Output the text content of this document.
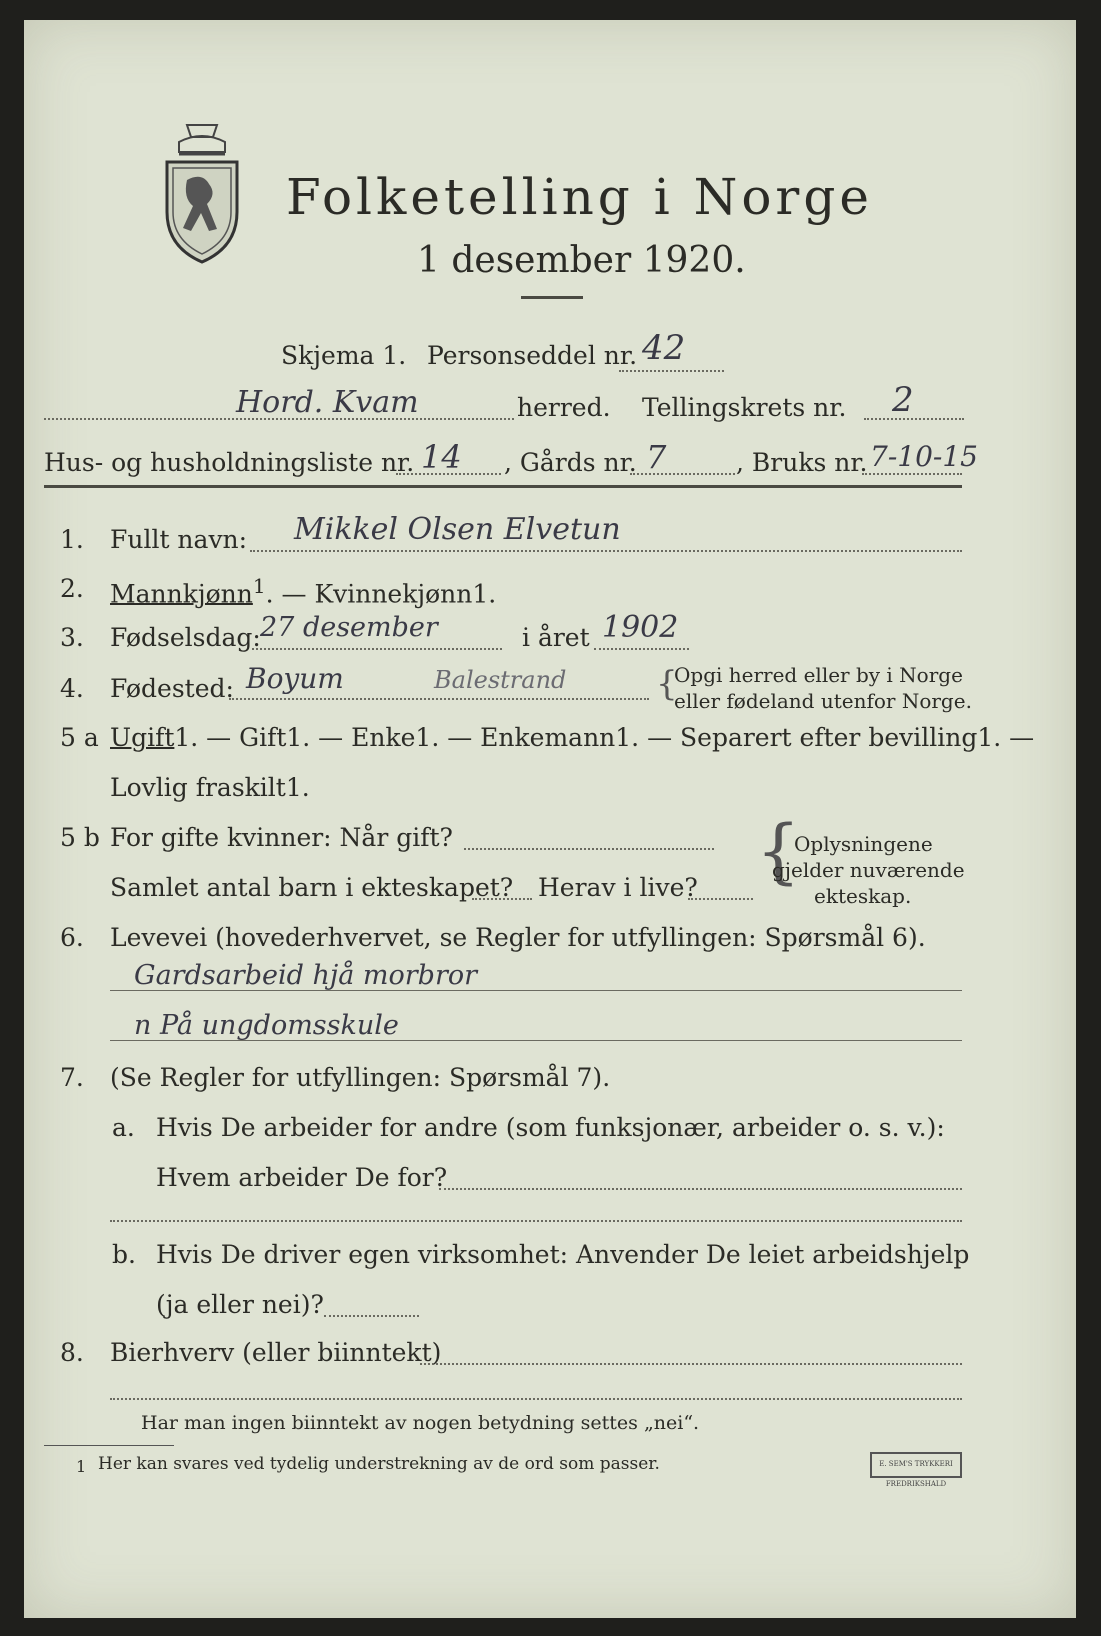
Folketelling i Norge
1 desember 1920.
Skjema 1. Personseddel nr. 42
Hord. Kvam	herred. Tellingskrets nr. 2
Hus- og husholdningsliste nr. 14 , Gårds nr. 7	, Bruks nr. 7-10-15
1. Fullt navn: Mikkel Olsen Elvetun
2. Mannkjønn$^1$. — Kvinnekjønn1.
3. Fødselsdag: 27 desember	i året 1902
4. Fødested: Boyum	Balestrand	{
Opgi herred eller by i Norge
eller fødeland utenfor Norge.
5 a Ugift1. — Gift1. — Enke1. — Enkemann1. — Separert efter bevilling1. —
Lovlig fraskilt1.
5 b For gifte kvinner: Når gift?
Samlet antal barn i ekteskapet? Herav i live? {
Oplysningene
gjelder nuværende
ekteskap.
6. Levevei (hovederhvervet, se Regler for utfyllingen: Spørsmål 6).
Gardsarbeid hjå morbror
n På ungdomsskule
7. (Se Regler for utfyllingen: Spørsmål 7).
a. Hvis De arbeider for andre (som funksjonær, arbeider o. s. v.):
Hvem arbeider De for?
b. Hvis De driver egen virksomhet: Anvender De leiet arbeidshjelp
(ja eller nei)?
8. Bierhverv (eller biinntekt)
Har man ingen biinntekt av nogen betydning settes „nei“.
1 Her kan svares ved tydelig understrekning av de ord som passer.	E. SEM'S TRYKKERI FREDRIKSHALD
